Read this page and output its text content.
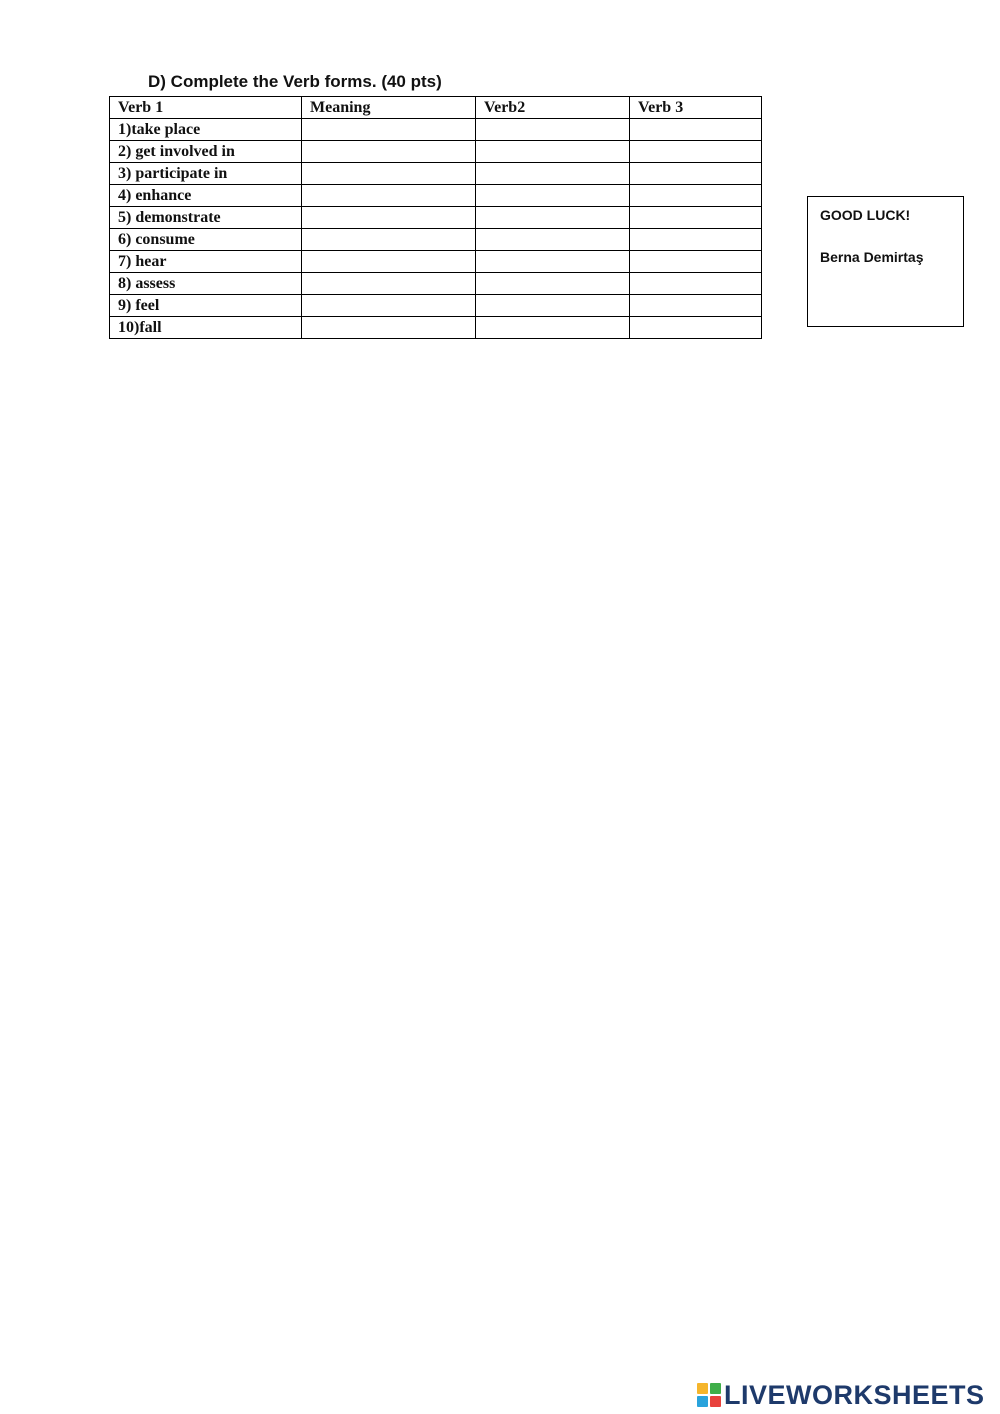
D) Complete the Verb forms. (40 pts)
Verb 1	Meaning	Verb2	Verb 3
1)take place			
2) get involved in			
3) participate in			
4) enhance			
5) demonstrate			
6) consume			
7) hear			
8) assess			
9) feel			
10)fall			
GOOD LUCK!
Berna Demirtaş
LIVEWORKSHEETS
